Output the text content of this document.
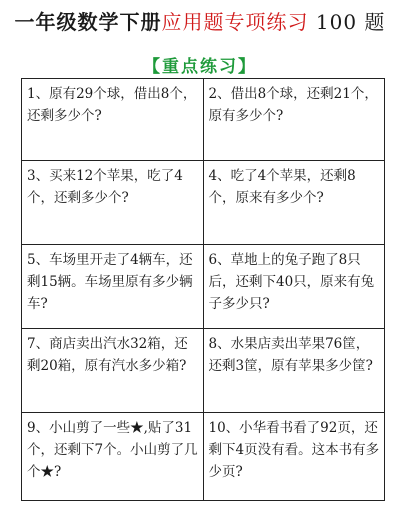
一年级数学下册应用题专项练习 100 题
【重点练习】
1、原有29个球，借出8个，还剩多少个?	2、借出8个球，还剩21个，原有多少个?
3、买来12个苹果，吃了4个，还剩多少个?	4、吃了4个苹果，还剩8个，原来有多少个?
5、车场里开走了4辆车，还剩15辆。车场里原有多少辆车?	6、草地上的兔子跑了8只后，还剩下40只，原来有兔子多少只?
7、商店卖出汽水32箱，还剩20箱，原有汽水多少箱?	8、水果店卖出苹果76筐，还剩3筐，原有苹果多少筐?
9、小山剪了一些★,贴了31个，还剩下7个。小山剪了几个★?	10、小华看书看了92页，还剩下4页没有看。这本书有多少页?
